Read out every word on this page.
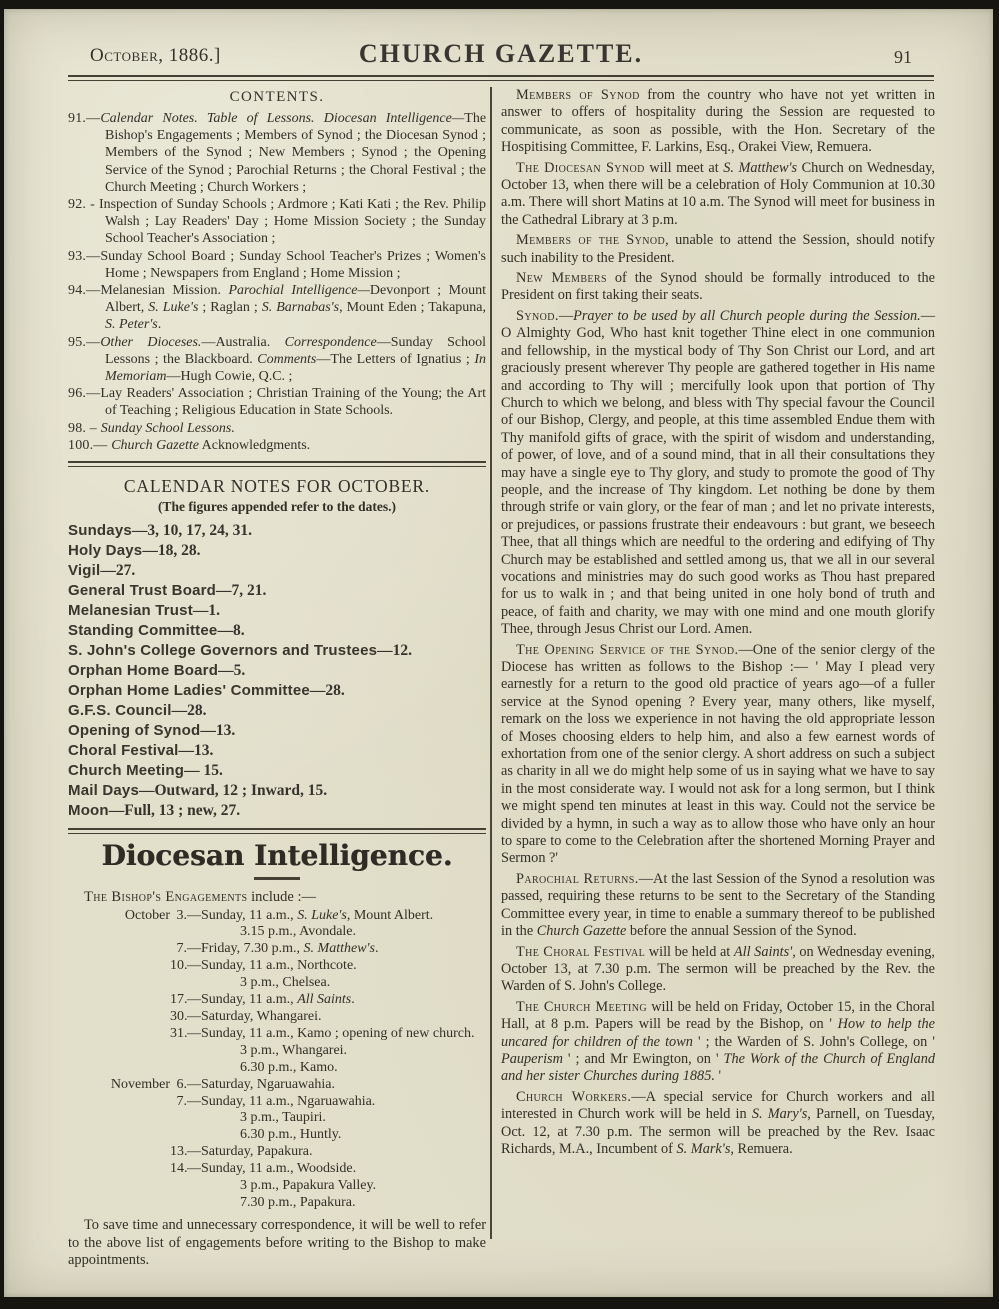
October, 1886.]	CHURCH GAZETTE.	91
CONTENTS.

91.—Calendar Notes. Table of Lessons. Diocesan Intelligence—The Bishop's Engagements ; Members of Synod ; the Diocesan Synod ; Members of the Synod ; New Members ; Synod ; the Opening Service of the Synod ; Parochial Returns ; the Choral Festival ; the Church Meeting ; Church Workers ;

92. - Inspection of Sunday Schools ; Ardmore ; Kati Kati ; the Rev. Philip Walsh ; Lay Readers' Day ; Home Mission Society ; the Sunday School Teacher's Association ;

93.—Sunday School Board ; Sunday School Teacher's Prizes ; Women's Home ; Newspapers from England ; Home Mission ;

94.—Melanesian Mission. Parochial Intelligence—Devonport ; Mount Albert, S. Luke's ; Raglan ; S. Barnabas's, Mount Eden ; Takapuna, S. Peter's.

95.—Other Dioceses.—Australia. Correspondence—Sunday School Lessons ; the Blackboard. Comments—The Letters of Ignatius ; In Memoriam—Hugh Cowie, Q.C. ;

96.—Lay Readers' Association ; Christian Training of the Young; the Art of Teaching ; Religious Education in State Schools.

98. – Sunday School Lessons.

100.— Church Gazette Acknowledgments.

CALENDAR NOTES FOR OCTOBER.
(The figures appended refer to the dates.)
Sundays—3, 10, 17, 24, 31.
Holy Days—18, 28.
Vigil—27.
General Trust Board—7, 21.
Melanesian Trust—1.
Standing Committee—8.
S. John's College Governors and Trustees—12.
Orphan Home Board—5.
Orphan Home Ladies' Committee—28.
G.F.S. Council—28.
Opening of Synod—13.
Choral Festival—13.
Church Meeting— 15.
Mail Days—Outward, 12 ; Inward, 15.
Moon—Full, 13 ; new, 27.
Diocesan Intelligence.

The Bishop's Engagements include :—

October 3. —Sunday, 11 a.m., S. Luke's, Mount Albert.
3.15 p.m., Avondale.
7. —Friday, 7.30 p.m., S. Matthew's.
10. —Sunday, 11 a.m., Northcote.
3 p.m., Chelsea.
17. —Sunday, 11 a.m., All Saints.
30. —Saturday, Whangarei.
31. —Sunday, 11 a.m., Kamo ; opening of new church.
3 p.m., Whangarei.
6.30 p.m., Kamo.
November 6. —Saturday, Ngaruawahia.
7. —Sunday, 11 a.m., Ngaruawahia.
3 p.m., Taupiri.
6.30 p.m., Huntly.
13. —Saturday, Papakura.
14. —Sunday, 11 a.m., Woodside.
3 p.m., Papakura Valley.
7.30 p.m., Papakura.

To save time and unnecessary correspondence, it will be well to refer to the above list of engagements before writing to the Bishop to make appointments.

Members of Synod from the country who have not yet written in answer to offers of hospitality during the Session are requested to communicate, as soon as possible, with the Hon. Secretary of the Hospitising Committee, F. Larkins, Esq., Orakei View, Remuera.

The Diocesan Synod will meet at S. Matthew's Church on Wednesday, October 13, when there will be a celebration of Holy Communion at 10.30 a.m. There will short Matins at 10 a.m. The Synod will meet for business in the Cathedral Library at 3 p.m.

Members of the Synod, unable to attend the Session, should notify such inability to the President.

New Members of the Synod should be formally introduced to the President on first taking their seats.

Synod.—Prayer to be used by all Church people during the Session.—O Almighty God, Who hast knit together Thine elect in one communion and fellowship, in the mystical body of Thy Son Christ our Lord, and art graciously present wherever Thy people are gathered together in His name and according to Thy will ; mercifully look upon that portion of Thy Church to which we belong, and bless with Thy special favour the Council of our Bishop, Clergy, and people, at this time assembled Endue them with Thy manifold gifts of grace, with the spirit of wisdom and understanding, of power, of love, and of a sound mind, that in all their consultations they may have a single eye to Thy glory, and study to promote the good of Thy people, and the increase of Thy kingdom. Let nothing be done by them through strife or vain glory, or the fear of man ; and let no private interests, or prejudices, or passions frustrate their endeavours : but grant, we beseech Thee, that all things which are needful to the ordering and edifying of Thy Church may be established and settled among us, that we all in our several vocations and ministries may do such good works as Thou hast prepared for us to walk in ; and that being united in one holy bond of truth and peace, of faith and charity, we may with one mind and one mouth glorify Thee, through Jesus Christ our Lord. Amen.

The Opening Service of the Synod.—One of the senior clergy of the Diocese has written as follows to the Bishop :— ' May I plead very earnestly for a return to the good old practice of years ago—of a fuller service at the Synod opening ? Every year, many others, like myself, remark on the loss we experience in not having the old appropriate lesson of Moses choosing elders to help him, and also a few earnest words of exhortation from one of the senior clergy. A short address on such a subject as charity in all we do might help some of us in saying what we have to say in the most considerate way. I would not ask for a long sermon, but I think we might spend ten minutes at least in this way. Could not the service be divided by a hymn, in such a way as to allow those who have only an hour to spare to come to the Celebration after the shortened Morning Prayer and Sermon ?'

Parochial Returns.—At the last Session of the Synod a resolution was passed, requiring these returns to be sent to the Secretary of the Standing Committee every year, in time to enable a summary thereof to be published in the Church Gazette before the annual Session of the Synod.

The Choral Festival will be held at All Saints', on Wednesday evening, October 13, at 7.30 p.m. The sermon will be preached by the Rev. the Warden of S. John's College.

The Church Meeting will be held on Friday, October 15, in the Choral Hall, at 8 p.m. Papers will be read by the Bishop, on ' How to help the uncared for children of the town ' ; the Warden of S. John's College, on ' Pauperism ' ; and Mr Ewington, on ' The Work of the Church of England and her sister Churches during 1885. '

Church Workers.—A special service for Church workers and all interested in Church work will be held in S. Mary's, Parnell, on Tuesday, Oct. 12, at 7.30 p.m. The sermon will be preached by the Rev. Isaac Richards, M.A., Incumbent of S. Mark's, Remuera.
